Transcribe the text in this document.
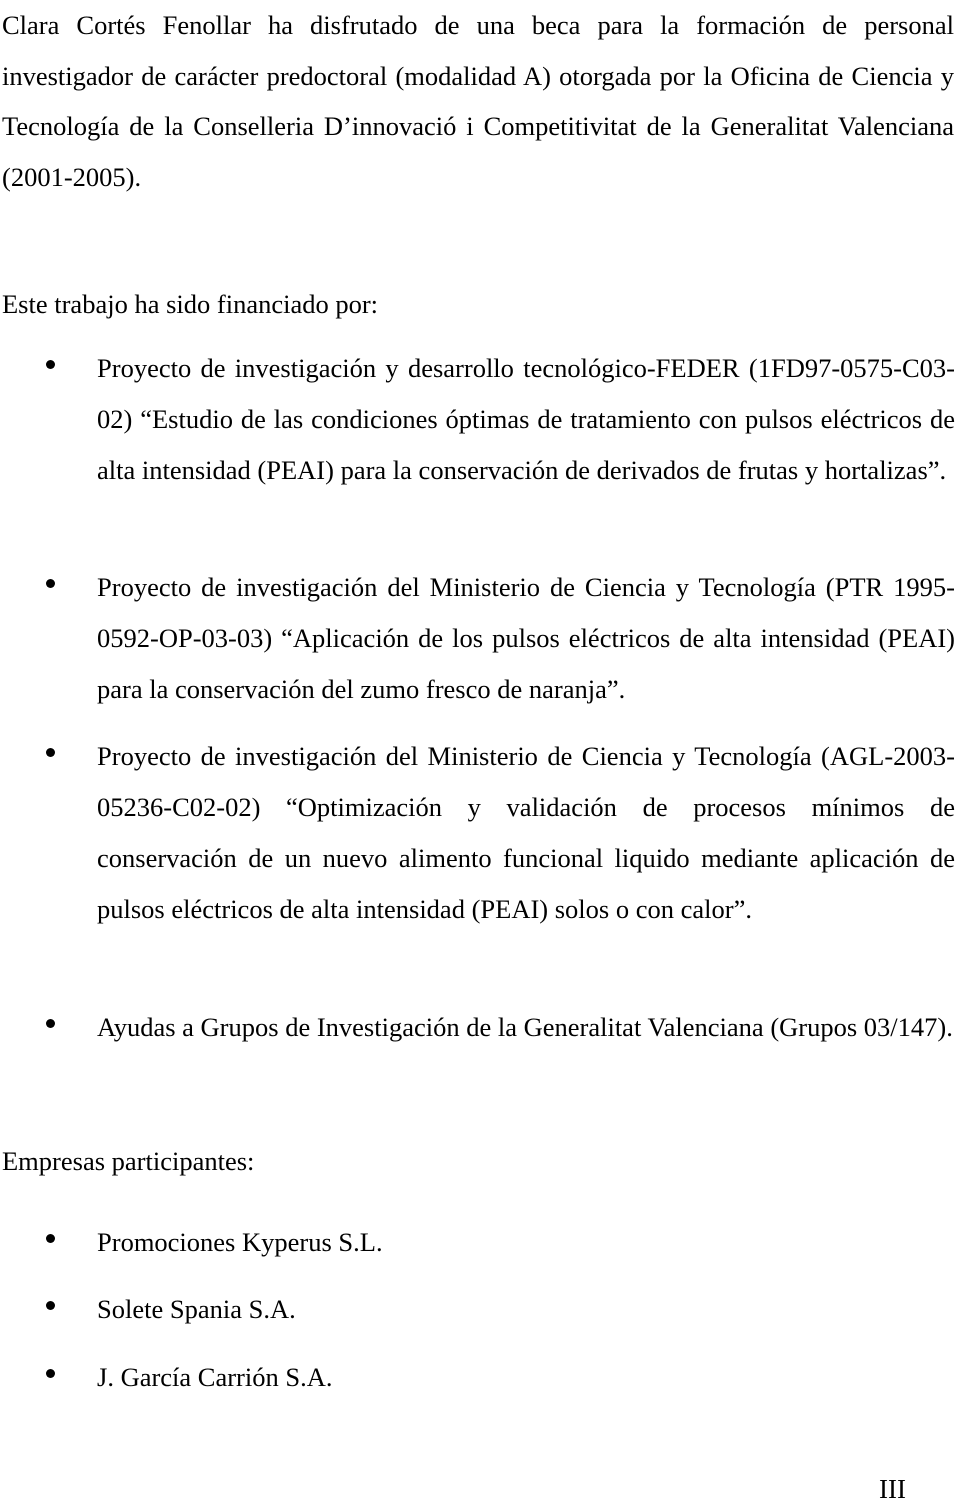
Clara Cortés Fenollar ha disfrutado de una beca para la formación de personal investigador de carácter predoctoral (modalidad A) otorgada por la Oficina de Ciencia y Tecnología de la Conselleria D’innovació i Competitivitat de la Generalitat Valenciana (2001-2005).

Este trabajo ha sido financiado por:

Proyecto de investigación y desarrollo tecnológico-FEDER (1FD97-0575-C03-02) “Estudio de las condiciones óptimas de tratamiento con pulsos eléctricos de alta intensidad (PEAI) para la conservación de derivados de frutas y hortalizas”.

Proyecto de investigación del Ministerio de Ciencia y Tecnología (PTR 1995-0592-OP-03-03) “Aplicación de los pulsos eléctricos de alta intensidad (PEAI) para la conservación del zumo fresco de naranja”.

Proyecto de investigación del Ministerio de Ciencia y Tecnología (AGL-2003-05236-C02-02) “Optimización y validación de procesos mínimos de conservación de un nuevo alimento funcional liquido mediante aplicación de pulsos eléctricos de alta intensidad (PEAI) solos o con calor”.

Ayudas a Grupos de Investigación de la Generalitat Valenciana (Grupos 03/147).

Empresas participantes:

Promociones Kyperus S.L.

Solete Spania S.A.

J. García Carrión S.A.

III
